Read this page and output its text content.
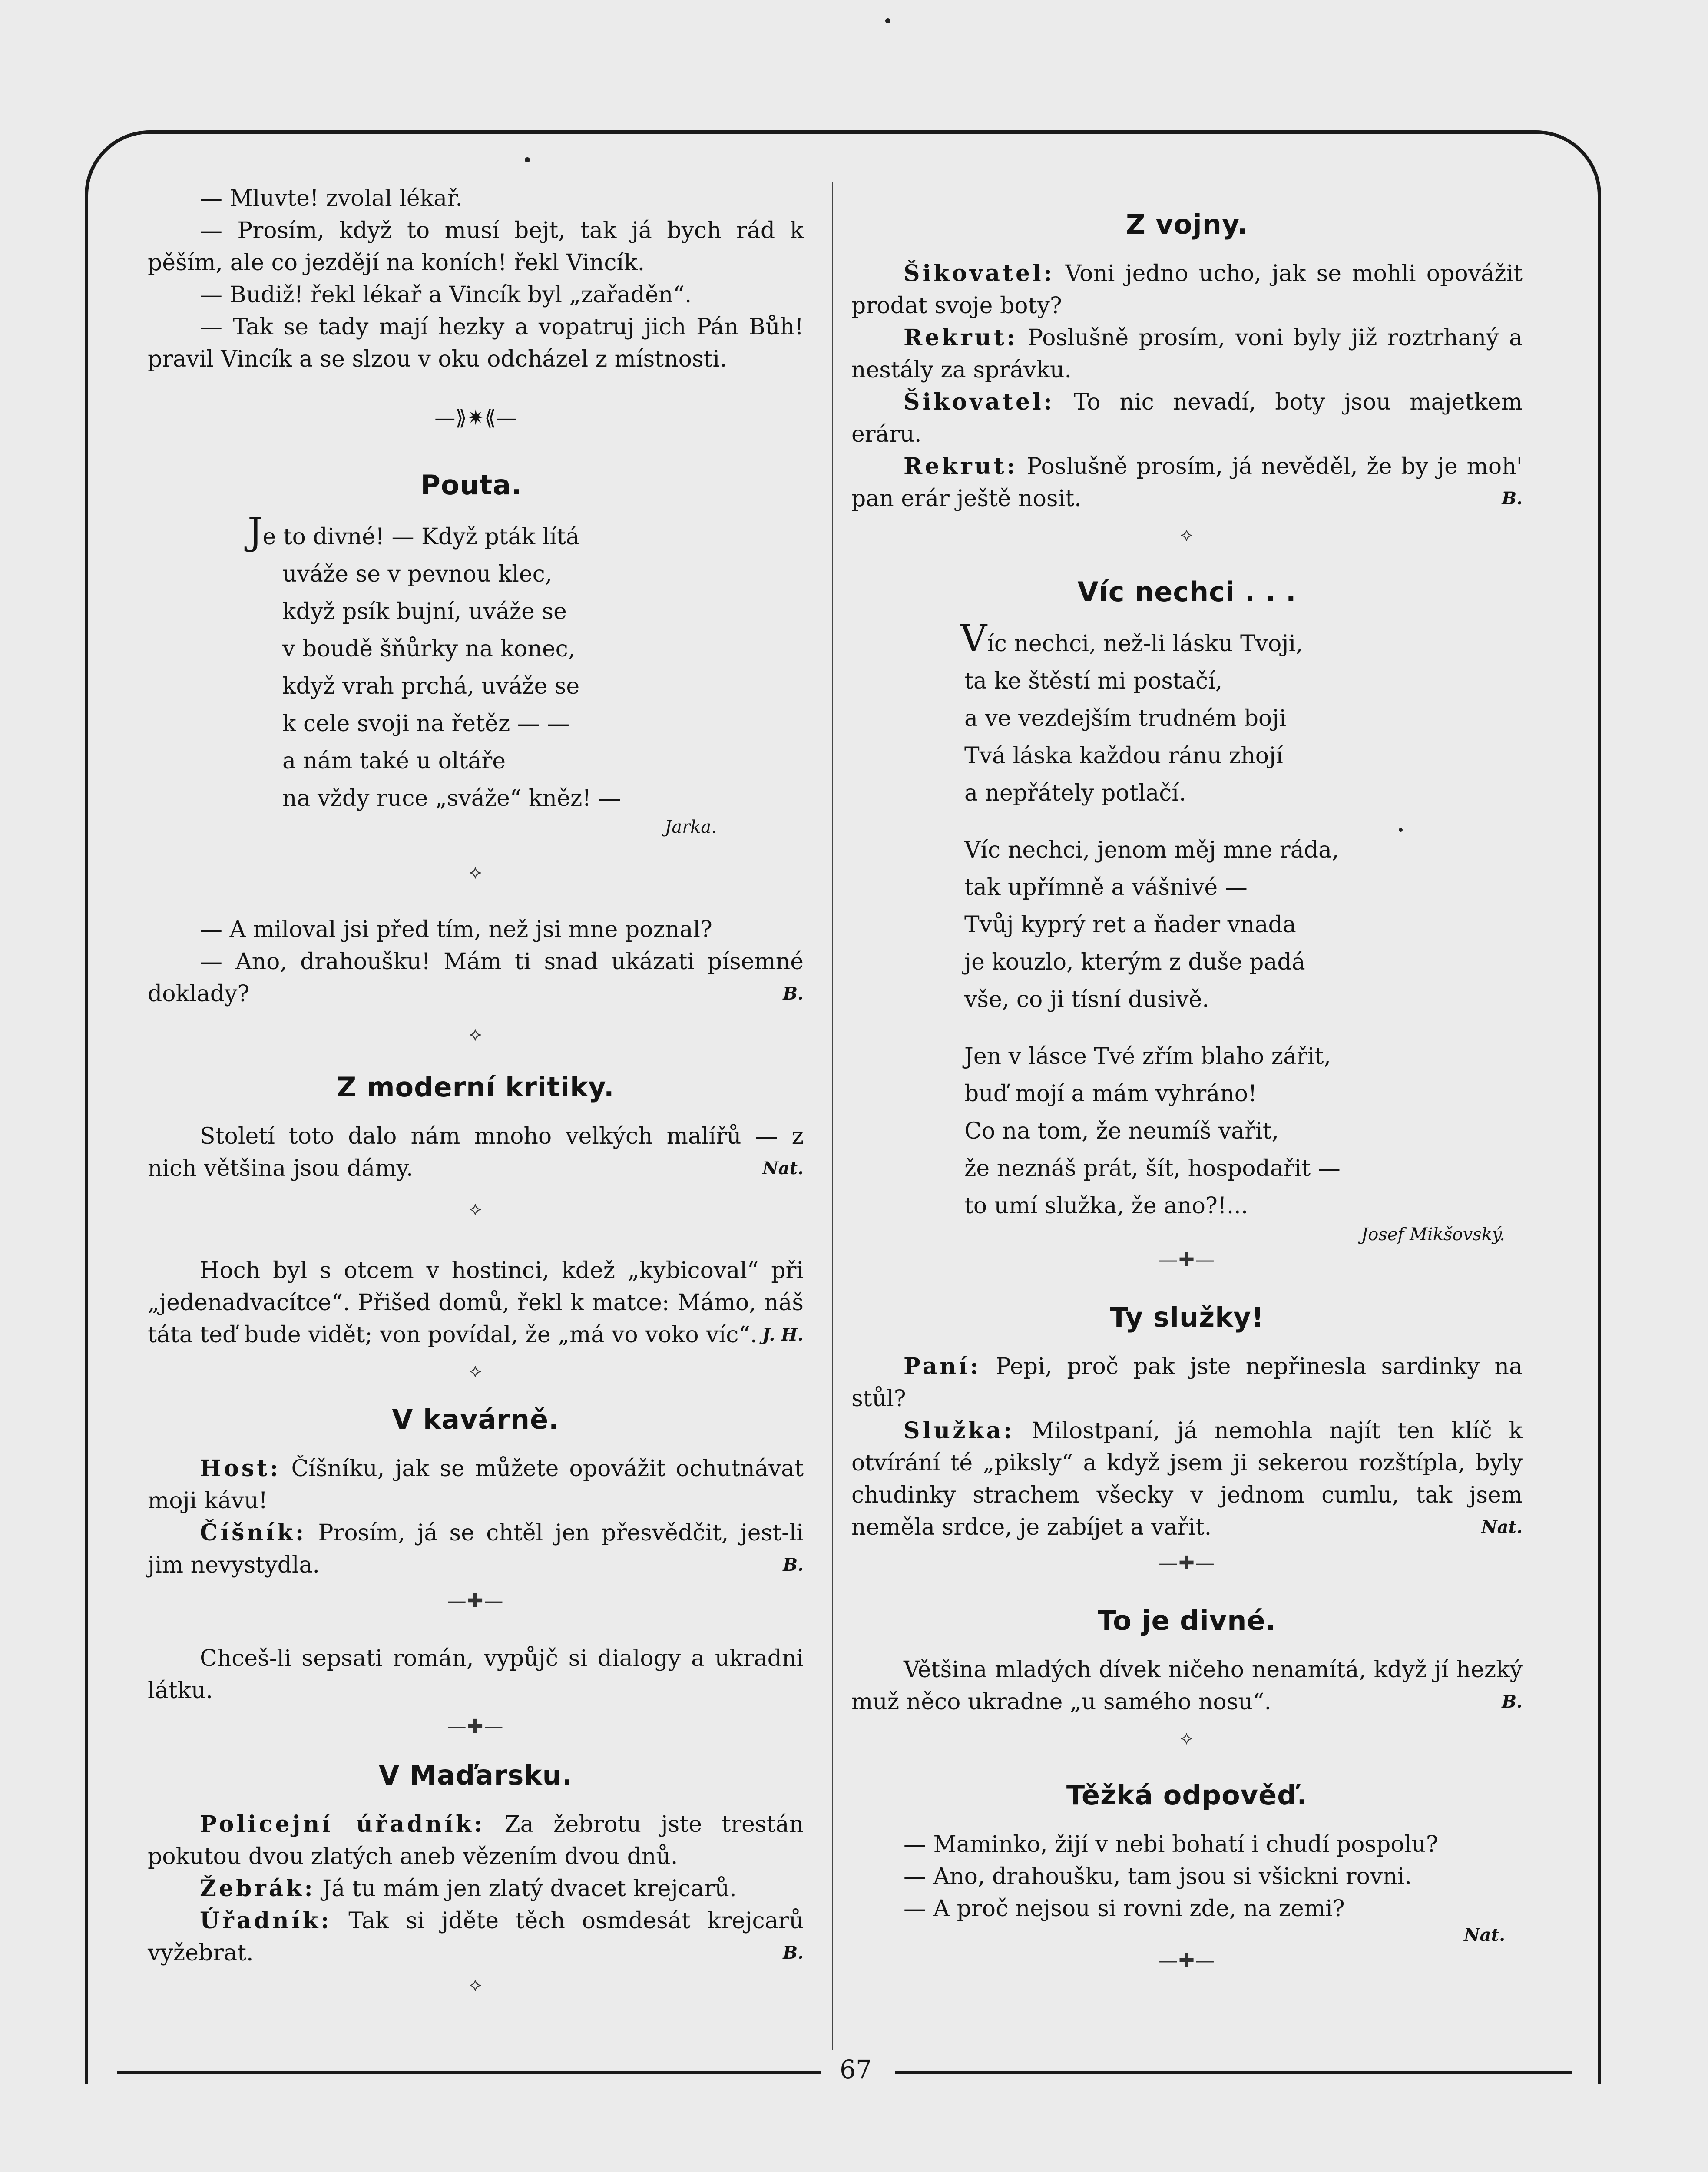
67

— Mluvte! zvolal lékař.

— Prosím, když to musí bejt, tak já bych rád k pěším, ale co jezdějí na koních! řekl Vincík.

— Budiž! řekl lékař a Vincík byl „zařaděn“.

— Tak se tady mají hezky a vopatruj jich Pán Bůh! pravil Vincík a se slzou v oku odcházel z místnosti.

—⟫✷⟪—
Pouta.
Je to divné! — Když pták lítá
uváže se v pevnou klec,
když psík bujní, uváže se
v boudě šňůrky na konec,
když vrah prchá, uváže se
k cele svoji na řetěz — —
a nám také u oltáře
na vždy ruce „sváže“ kněz! —
Jarka.
⟡

— A miloval jsi před tím, než jsi mne poznal?

— Ano, drahoušku! Mám ti snad ukázati písemné doklady?	B.

⟡
Z moderní kritiky.

Století toto dalo nám mnoho velkých malířů — z nich většina jsou dámy.	Nat.

⟡

Hoch byl s otcem v hostinci, kdež „kybicoval“ při „jedenadvacítce“. Přišed domů, řekl k matce: Mámo, náš táta teď bude vidět; von povídal, že „má vo voko víc“. J. H.

⟡
V kavárně.

Host: Číšníku, jak se můžete opovážit ochutnávat moji kávu!

Číšník: Prosím, já se chtěl jen přesvědčit, jest-li jim nevystydla.	B.

—✚—

Chceš-li sepsati román, vypůjč si dialogy a ukradni látku.

—✚—
V Maďarsku.

Policejní úřadník: Za žebrotu jste trestán pokutou dvou zlatých aneb vězením dvou dnů.

Žebrák: Já tu mám jen zlatý dvacet krejcarů.

Úřadník: Tak si jděte těch osmdesát krejcarů vyžebrat.	B.

⟡
Z vojny.

Šikovatel: Voni jedno ucho, jak se mohli opovážit prodat svoje boty?

Rekrut: Poslušně prosím, voni byly již roztrhaný a nestály za správku.

Šikovatel: To nic nevadí, boty jsou majetkem eráru.

Rekrut: Poslušně prosím, já nevěděl, že by je moh' pan erár ještě nosit.	B.

⟡
Víc nechci . . .
Víc nechci, než-li lásku Tvoji,
ta ke štěstí mi postačí,
a ve vezdejším trudném boji
Tvá láska každou ránu zhojí
a nepřátely potlačí.
Víc nechci, jenom měj mne ráda,
tak upřímně a vášnivé —
Tvůj kyprý ret a ňader vnada
je kouzlo, kterým z duše padá
vše, co ji tísní dusivě.
Jen v lásce Tvé zřím blaho zářit,
buď mojí a mám vyhráno!
Co na tom, že neumíš vařit,
že neznáš prát, šít, hospodařit —
to umí služka, že ano?!...
Josef Mikšovský.
—✚—
Ty služky!

Paní: Pepi, proč pak jste nepřinesla sardinky na stůl?

Služka: Milostpaní, já nemohla najít ten klíč k otvírání té „piksly“ a když jsem ji sekerou rozštípla, byly chudinky strachem všecky v jednom cumlu, tak jsem neměla srdce, je zabíjet a vařit.	Nat.

—✚—
To je divné.

Většina mladých dívek ničeho nenamítá, když jí hezký muž něco ukradne „u samého nosu“.	B.

⟡
Těžká odpověď.

— Maminko, žijí v nebi bohatí i chudí pospolu?

— Ano, drahoušku, tam jsou si všickni rovni.

— A proč nejsou si rovni zde, na zemi?

Nat.
—✚—
